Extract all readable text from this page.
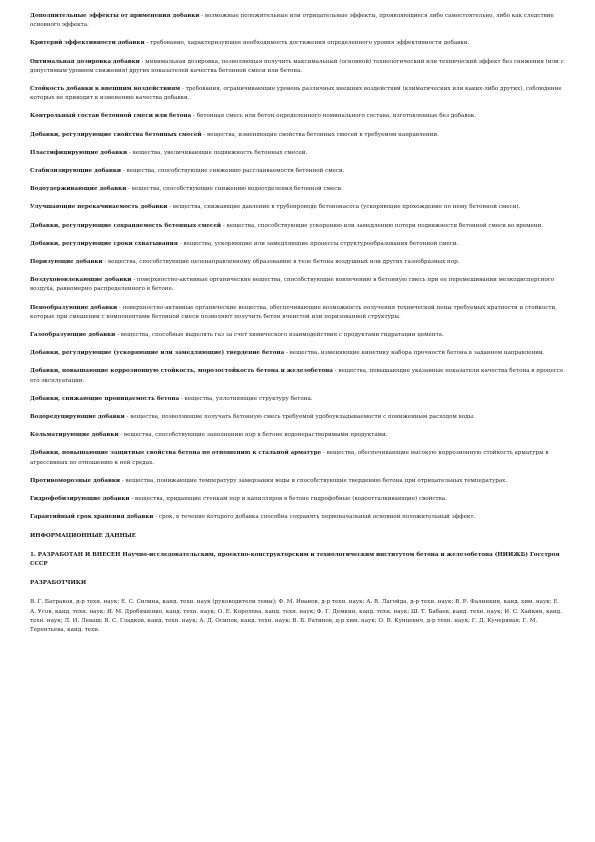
Дополнительные эффекты от применения добавки - возможные положительные или отрицательные эффекты, проявляющиеся либо самостоятельно, либо как следствие основного эффекта.
Критерий эффективности добавки - требование, характеризующее необходимость достижения определенного уровня эффективности добавки.
Оптимальная дозировка добавки - минимальная дозировка, позволяющая получить максимальный (основной) технологический или технический эффект без снижения (или с допустимым уровнем снижения) других показателей качества бетонной смеси или бетона.
Стойкость добавки к внешним воздействиям - требования, ограничивающие уровень различных внешних воздействий (климатических или каких-либо других), соблюдение которых не приводит к изменению качества добавки.
Контрольный состав бетонной смеси или бетона - бетонная смесь или бетон определенного номинального состава, изготовленные без добавок.
Добавки, регулирующие свойства бетонных смесей - вещества, изменяющие свойства бетонных смесей в требуемом направлении.
Пластифицирующие добавки - вещества, увеличивающие подвижность бетонных смесей.
Стабилизирующие добавки - вещества, способствующие снижению расслаиваемости бетонной смеси.
Водоудерживающие добавки - вещества, способствующие снижению водоотделения бетонной смеси.
Улучшающие перекачиваемость добавки - вещества, снижающие давление в трубопроводе бетононасоса (ускоряющие прохождение по нему бетонной смеси).
Добавки, регулирующие сохраняемость бетонных смесей - вещества, способствующие ускорению или замедлению потери подвижности бетонной смеси во времени.
Добавки, регулирующие сроки схватывания - вещества, ускоряющие или замедляющие процессы структурообразования бетонной смеси.
Поризующие добавки - вещества, способствующие целенаправленному образованию в теле бетона воздушных или других газообразных пор.
Воздухововлекающие добавки - поверхностно-активные органические вещества, способствующие вовлечению в бетонную смесь при ее перемешивании мелкодисперсного воздуха, равномерно распределенного в бетоне.
Пенообразующие добавки - поверхностно-активные органические вещества, обеспечивающие возможность получения технической пены требуемых кратности и стойкости, которые при смешении с компонентами бетонной смеси позволяют получить бетон ячеистой или поризованной структуры.
Газообразующие добавки - вещества, способные выделять газ за счет химического взаимодействия с продуктами гидратации цемента.
Добавки, регулирующие (ускоряющие или замедляющие) твердение бетона - вещества, изменяющие кинетику набора прочности бетона в заданном направлении.
Добавки, повышающие коррозионную стойкость, морозостойкость бетона и железобетона - вещества, повышающие указанные показатели качества бетона в процессе его эксплуатации.
Добавки, снижающие проницаемость бетона - вещества, уплотняющие структуру бетона.
Водоредуцирующие добавки - вещества, позволяющие получать бетонную смесь требуемой удобоукладываемости с пониженным расходом воды.
Кольматирующие добавки - вещества, способствующие заполнению пор в бетоне водонерастворимыми продуктами.
Добавки, повышающие защитные свойства бетона по отношению к стальной арматуре - вещества, обеспечивающие высокую коррозионную стойкость арматуры в агрессивных по отношению к ней средах.
Противоморозные добавки - вещества, понижающие температуру замерзания воды и способствующие твердению бетона при отрицательных температурах.
Гидрофобизирующие добавки - вещества, придающие стенкам пор и капилляров в бетоне гидрофобные (водоотталкивающие) свойства.
Гарантийный срок хранения добавки - срок, в течение которого добавка способна сохранять первоначальный основной положительный эффект.
ИНФОРМАЦИОННЫЕ ДАННЫЕ
1. РАЗРАБОТАН И ВНЕСЕН Научно-исследовательским, проектно-конструкторским и технологическим институтом бетона и железобетона (НИИЖБ) Госстроя СССР
РАЗРАБОТЧИКИ
В. Г. Батраков, д-р техн. наук; Е. С. Силина, канд. техн. наук (руководители темы); Ф. М. Иванов, д-р техн. наук; А. В. Лагойда, д-р техн. наук; В. Р. Фалинкин, канд. хим. наук; Е. А. Усов, канд. техн. наук; И. М. Дробяшенко, канд. техн. наук; О. Е. Королева, канд. техн. наук; Ф. Г. Демкин, канд. техн. наук; Ш. Т. Бабаев, канд. техн. наук; И. С. Хайкин, канд. техн. наук; Л. И. Леваш; В. С. Гладков, канд. техн. наук; А. Д. Осипов, канд. техн. наук; В. Б. Ратинов, д-р хим. наук; О. В. Кунцевич, д-р техн. наук; Г. Д. Кучерявая; Г. М. Терентьева, канд. техн.
